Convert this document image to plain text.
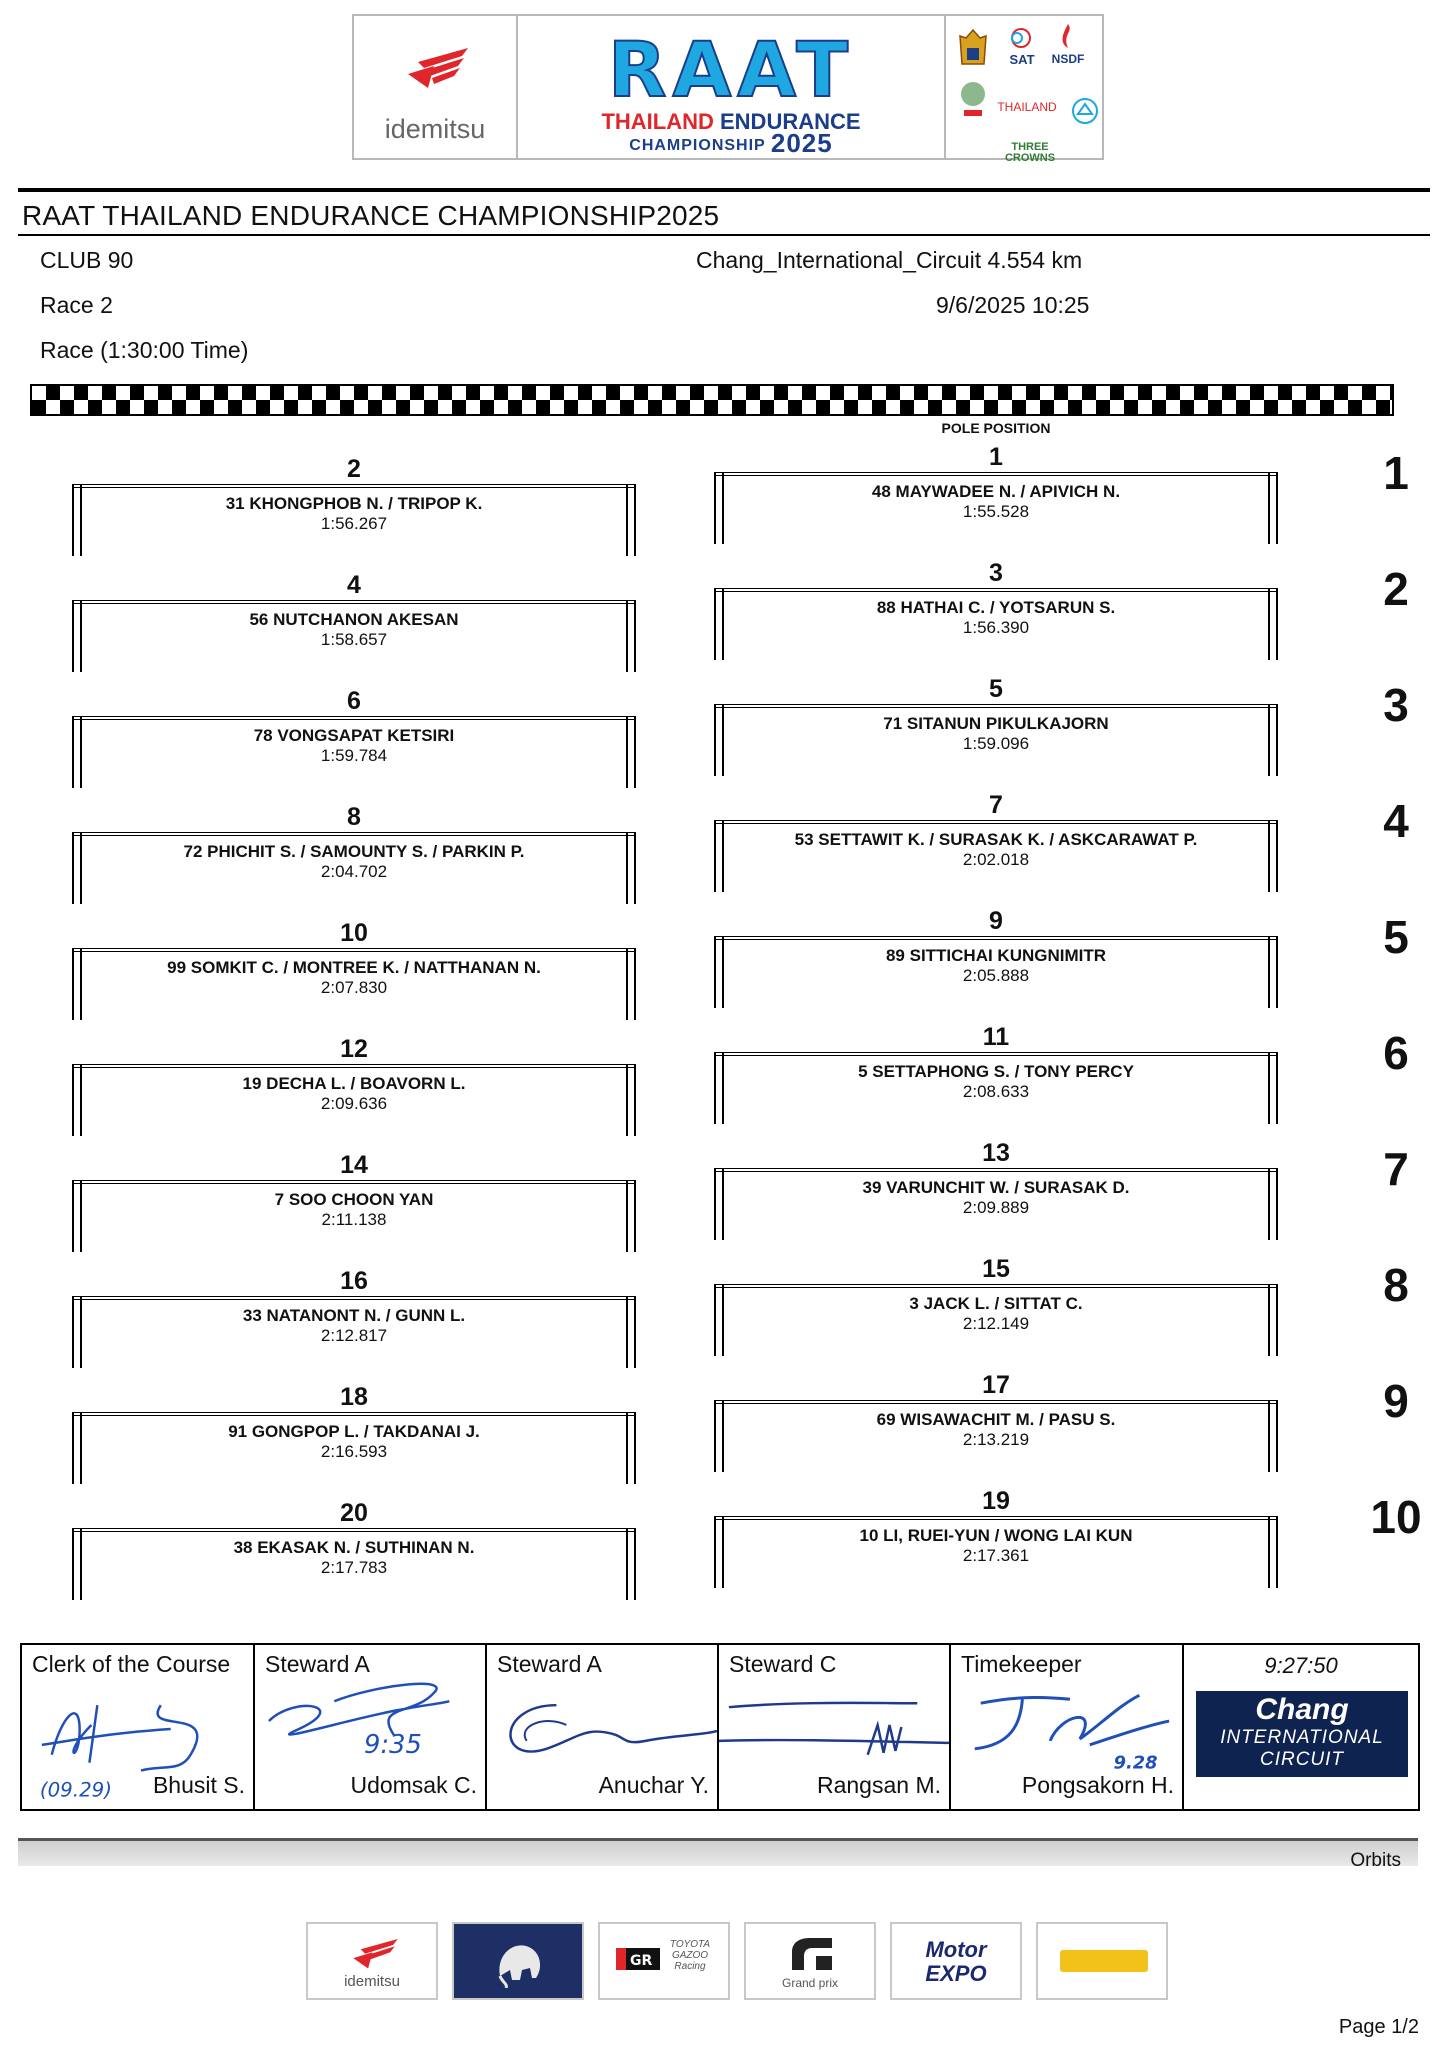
idemitsu
RAAT
THAILAND ENDURANCE
CHAMPIONSHIP 2025
SAT	NSDF
THAILAND
THREE CROWNS
RAAT THAILAND ENDURANCE CHAMPIONSHIP2025
CLUB 90
Race 2
Race (1:30:00 Time)
Chang_International_Circuit 4.554 km
9/6/2025 10:25
POLE POSITION
1
48 MAYWADEE N. / APIVICH N.
1:55.528
2
31 KHONGPHOB N. / TRIPOP K.
1:56.267
1
3
88 HATHAI C. / YOTSARUN S.
1:56.390
4
56 NUTCHANON AKESAN
1:58.657
2
5
71 SITANUN PIKULKAJORN
1:59.096
6
78 VONGSAPAT KETSIRI
1:59.784
3
7
53 SETTAWIT K. / SURASAK K. / ASKCARAWAT P.
2:02.018
8
72 PHICHIT S. / SAMOUNTY S. / PARKIN P.
2:04.702
4
9
89 SITTICHAI KUNGNIMITR
2:05.888
10
99 SOMKIT C. / MONTREE K. / NATTHANAN N.
2:07.830
5
11
5 SETTAPHONG S. / TONY PERCY
2:08.633
12
19 DECHA L. / BOAVORN L.
2:09.636
6
13
39 VARUNCHIT W. / SURASAK D.
2:09.889
14
7 SOO CHOON YAN
2:11.138
7
15
3 JACK L. / SITTAT C.
2:12.149
16
33 NATANONT N. / GUNN L.
2:12.817
8
17
69 WISAWACHIT M. / PASU S.
2:13.219
18
91 GONGPOP L. / TAKDANAI J.
2:16.593
9
19
10 LI, RUEI-YUN / WONG LAI KUN
2:17.361
20
38 EKASAK N. / SUTHINAN N.
2:17.783
10
Clerk of the Course
(09.29) Bhusit S.
Steward A
9:35
Udomsak C.
Steward A
Anuchar Y.
Steward C
Rangsan M.
Timekeeper
9.28
Pongsakorn H.
9:27:50
Chang
INTERNATIONAL
CIRCUIT
Orbits
idemitsu
GR
TOYOTA GAZOO Racing
Grand prix
Motor EXPO
Page 1/2
